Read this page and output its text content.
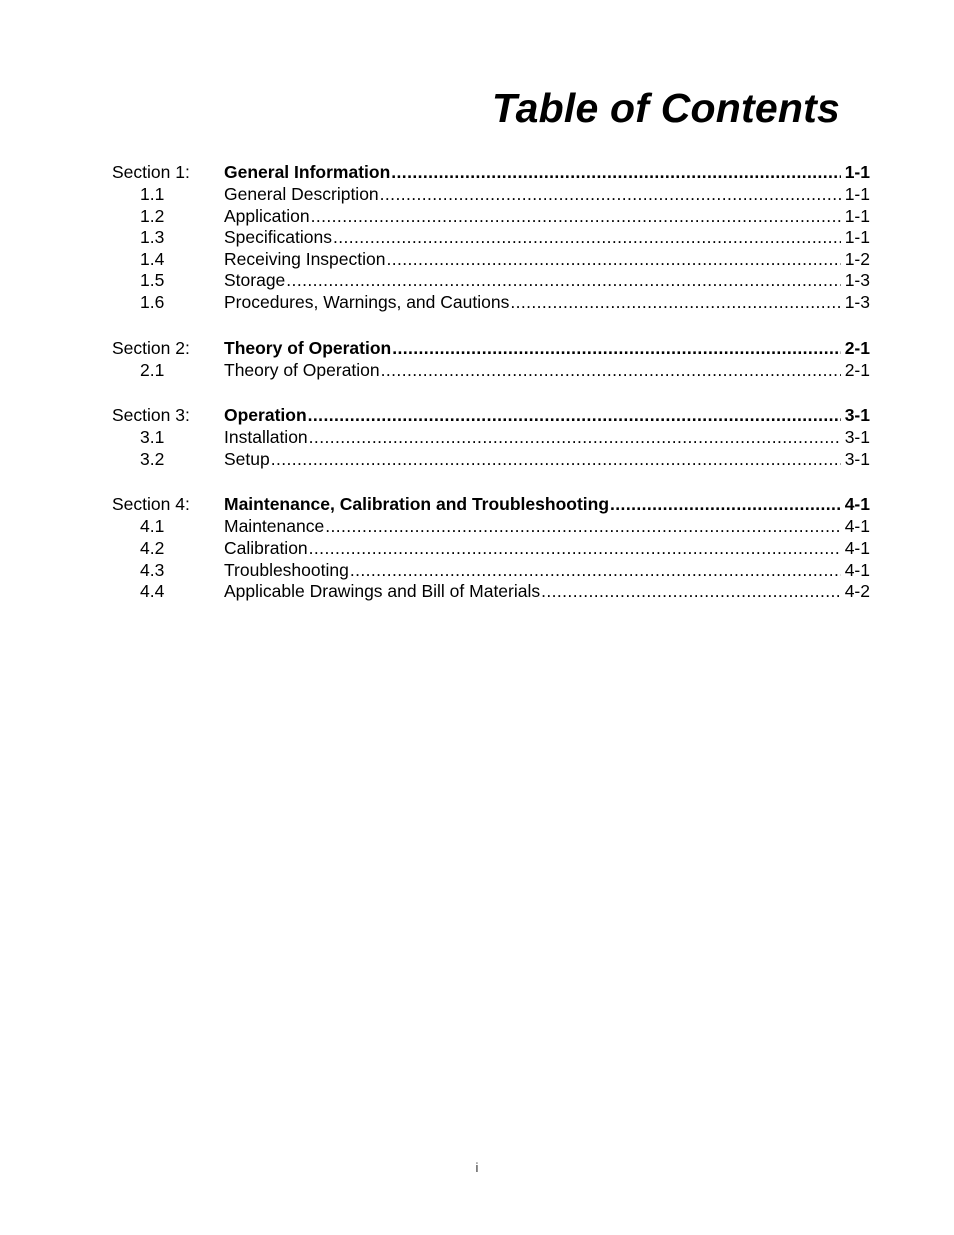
Table of Contents
Section 1:	General Information .....	1-1
1.1	General Description .....	1-1
1.2	Application .....	1-1
1.3	Specifications .....	1-1
1.4	Receiving Inspection .....	1-2
1.5	Storage .....	1-3
1.6	Procedures, Warnings, and Cautions .....	1-3
Section 2:	Theory of Operation .....	2-1
2.1	Theory of Operation .....	2-1
Section 3:	Operation .....	3-1
3.1	Installation .....	3-1
3.2	Setup .....	3-1
Section 4:	Maintenance, Calibration and Troubleshooting .....	4-1
4.1	Maintenance .....	4-1
4.2	Calibration .....	4-1
4.3	Troubleshooting .....	4-1
4.4	Applicable Drawings and Bill of Materials .....	4-2
i
